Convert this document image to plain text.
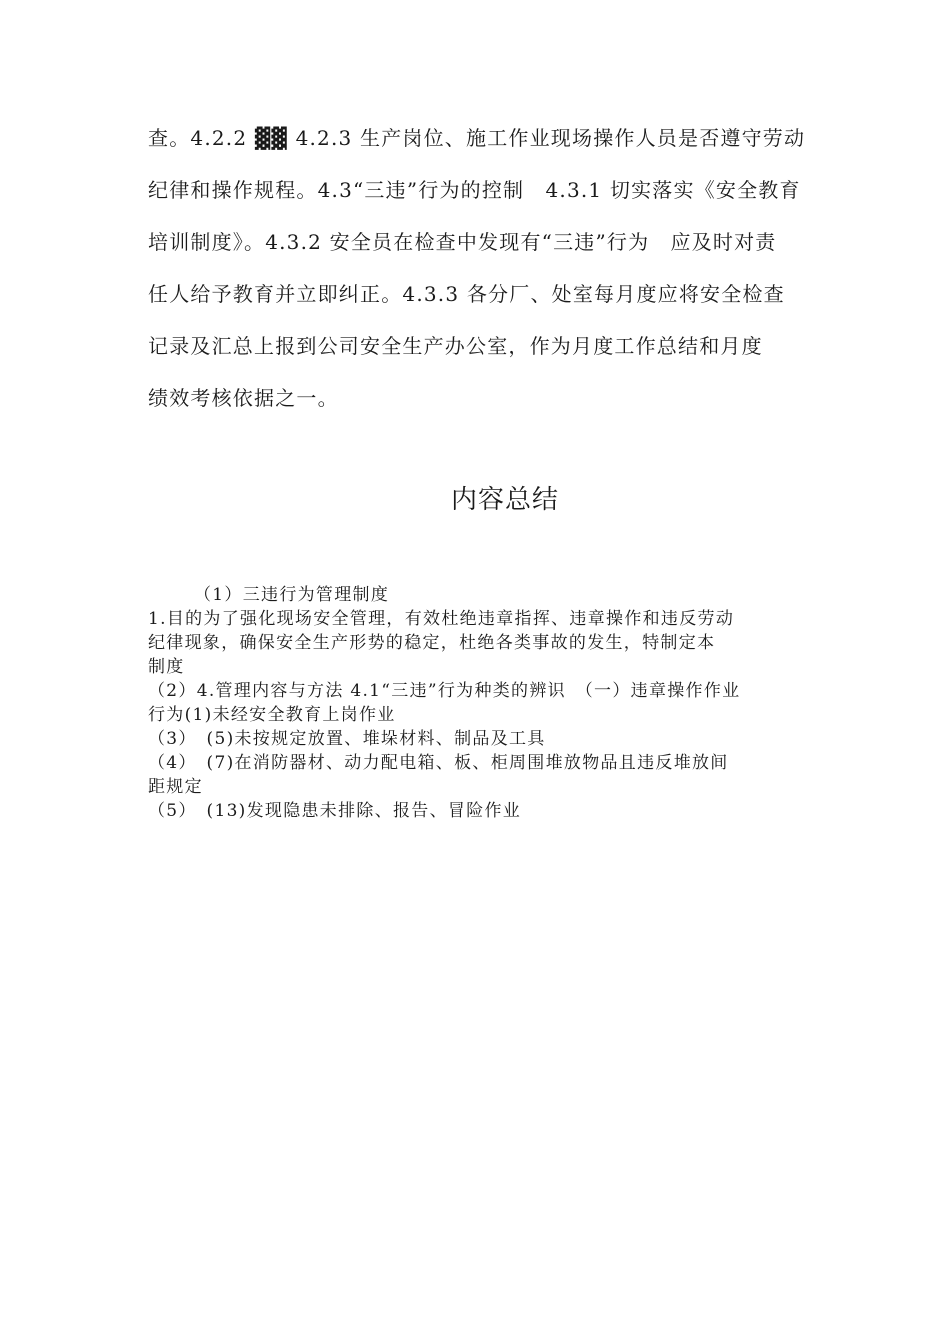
查。4.2.2 ▓▓ 4.2.3 生产岗位、施工作业现场操作人员是否遵守劳动
纪律和操作规程。4.3“三违”行为的控制　4.3.1 切实落实《安全教育
培训制度》。4.3.2 安全员在检查中发现有“三违”行为　应及时对责
任人给予教育并立即纠正。4.3.3 各分厂、处室每月度应将安全检查
记录及汇总上报到公司安全生产办公室，作为月度工作总结和月度
绩效考核依据之一。
内容总结
（1）三违行为管理制度
1.目的为了强化现场安全管理，有效杜绝违章指挥、违章操作和违反劳动
纪律现象，确保安全生产形势的稳定，杜绝各类事故的发生，特制定本
制度
（2）4.管理内容与方法 4.1“三违”行为种类的辨识　（一）违章操作作业
行为(1)未经安全教育上岗作业
（3）　(5)未按规定放置、堆垛材料、制品及工具
（4）　(7)在消防器材、动力配电箱、板、柜周围堆放物品且违反堆放间
距规定
（5）　(13)发现隐患未排除、报告、冒险作业
